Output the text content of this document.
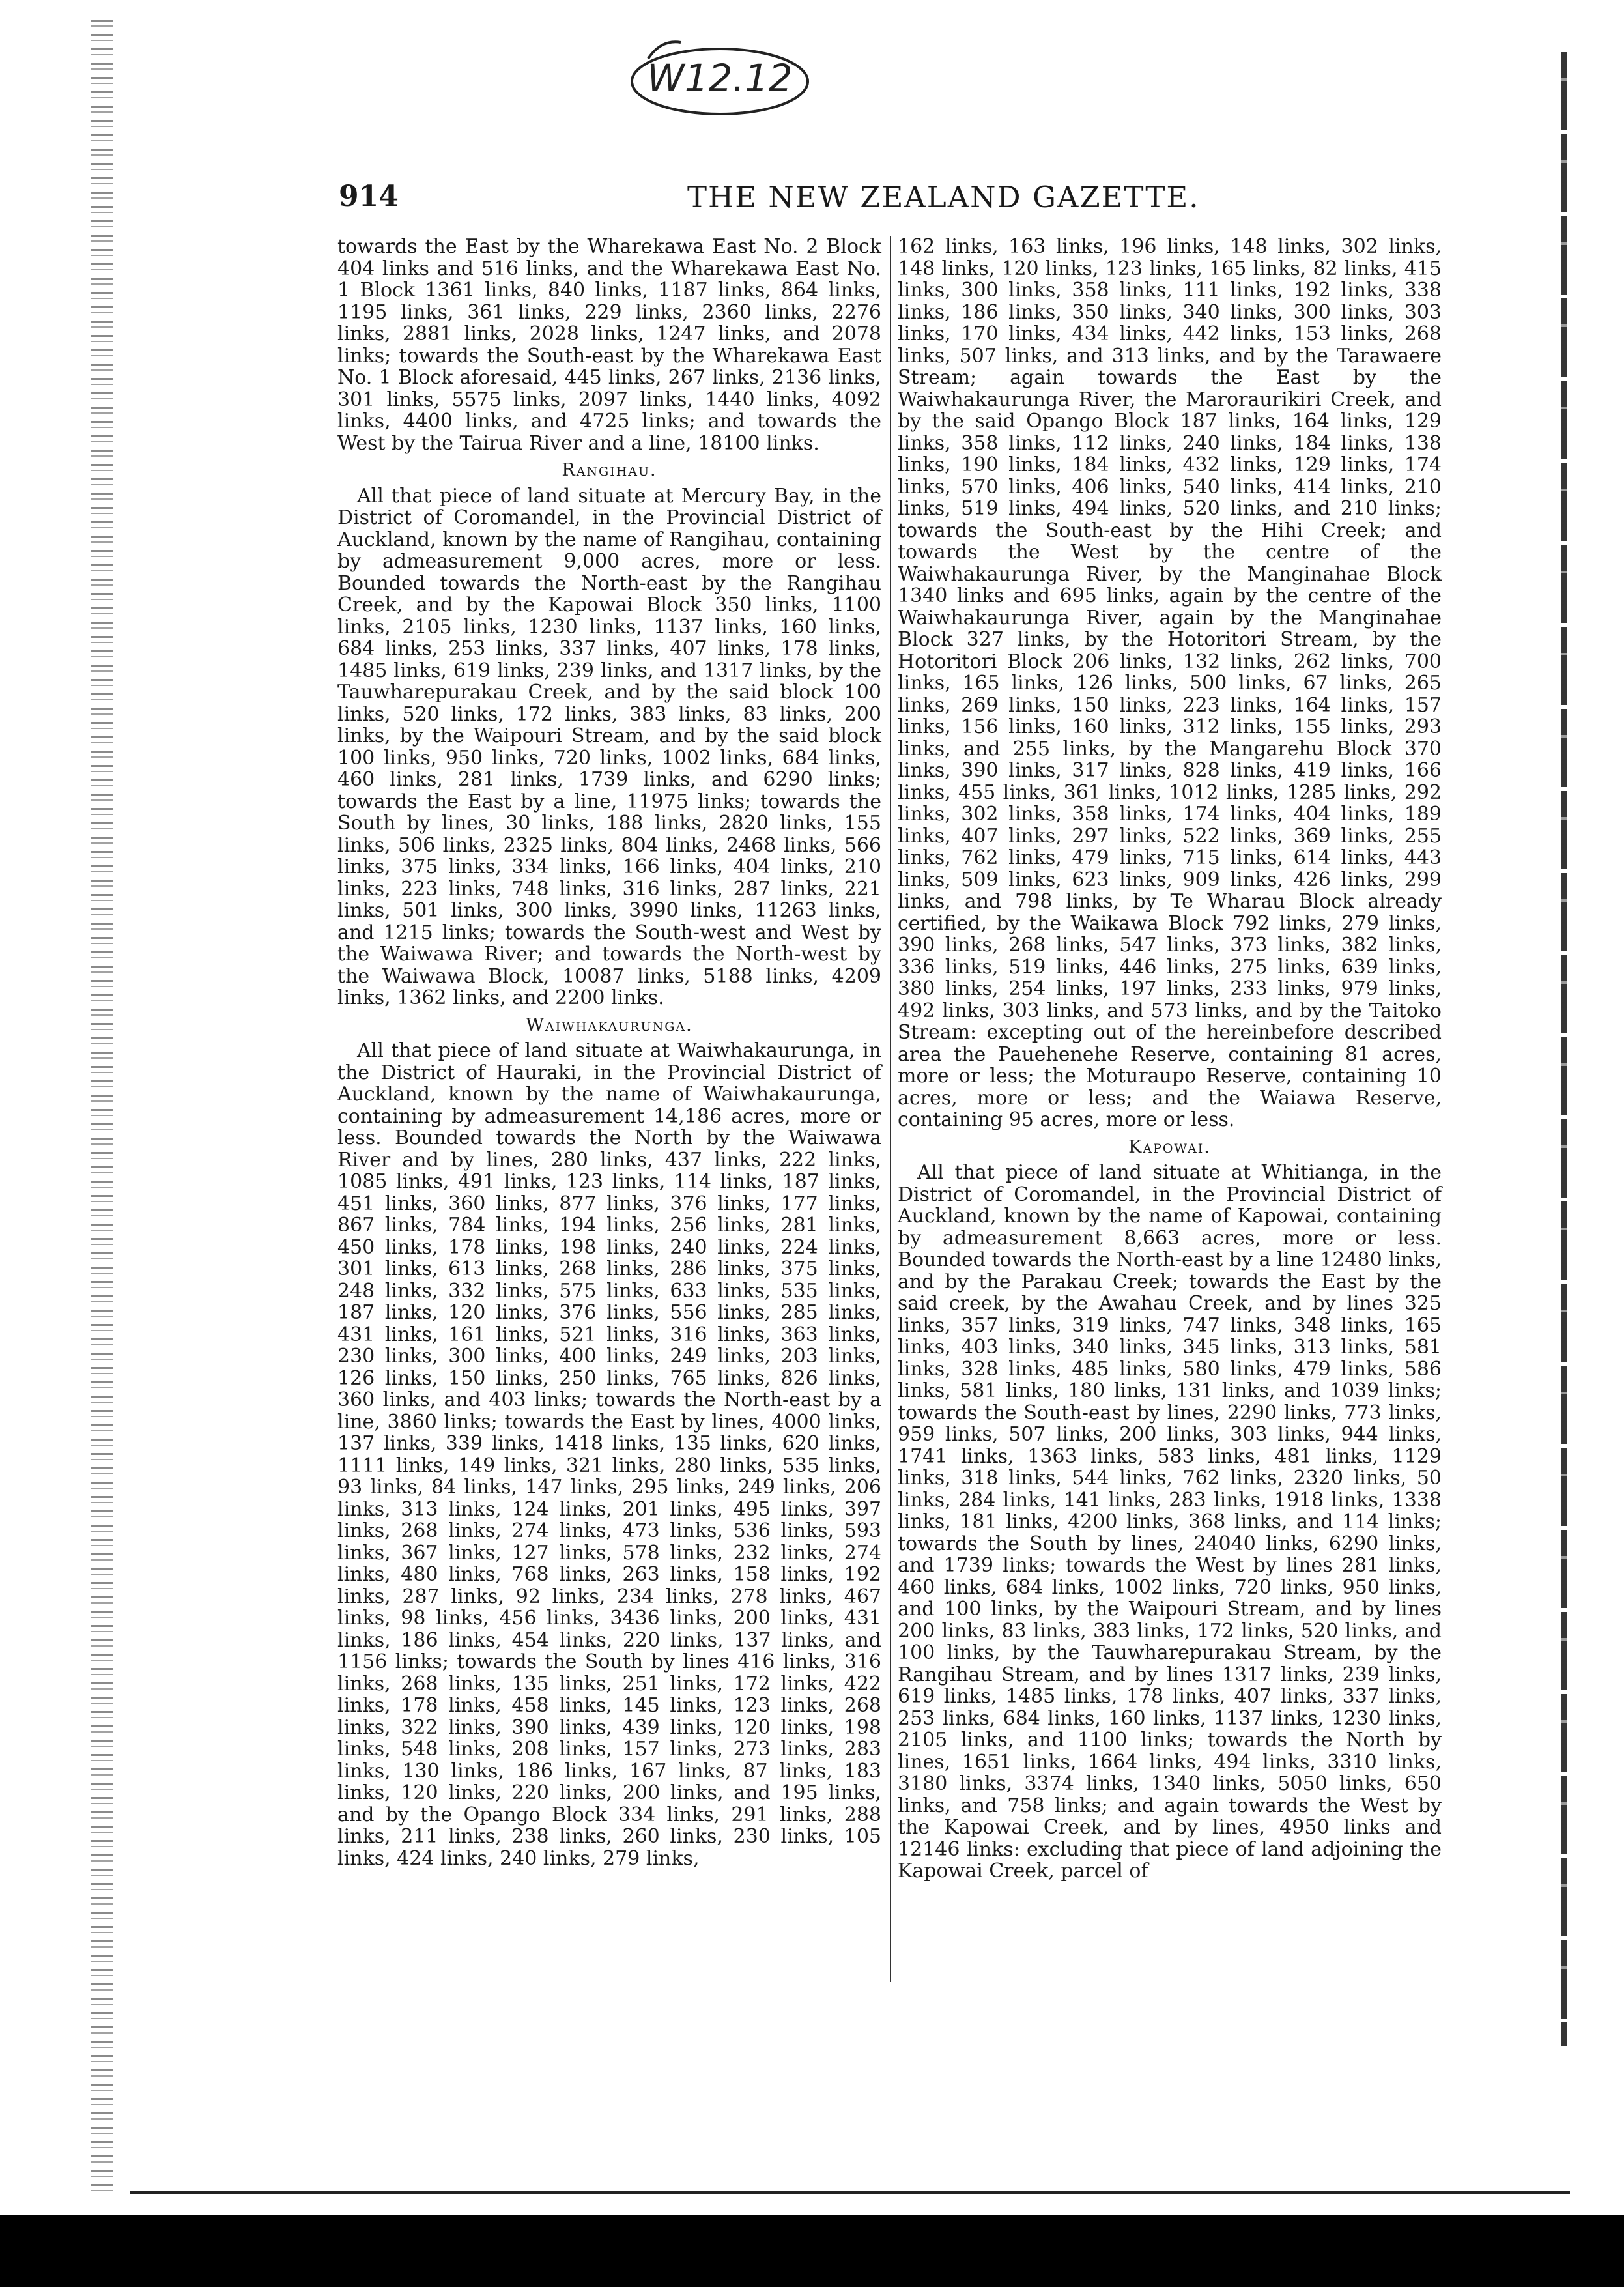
W12.12
914	THE NEW ZEALAND GAZETTE.

towards the East by the Wharekawa East No. 2 Block 404 links and 516 links, and the Wharekawa East No. 1 Block 1361 links, 840 links, 1187 links, 864 links, 1195 links, 361 links, 229 links, 2360 links, 2276 links, 2881 links, 2028 links, 1247 links, and 2078 links; towards the South-east by the Wharekawa East No. 1 Block aforesaid, 445 links, 267 links, 2136 links, 301 links, 5575 links, 2097 links, 1440 links, 4092 links, 4400 links, and 4725 links; and towards the West by the Tairua River and a line, 18100 links.

Rangihau.

All that piece of land situate at Mercury Bay, in the District of Coromandel, in the Provincial District of Auckland, known by the name of Rangihau, containing by admeasurement 9,000 acres, more or less. Bounded towards the North-east by the Rangihau Creek, and by the Kapowai Block 350 links, 1100 links, 2105 links, 1230 links, 1137 links, 160 links, 684 links, 253 links, 337 links, 407 links, 178 links, 1485 links, 619 links, 239 links, and 1317 links, by the Tauwharepurakau Creek, and by the said block 100 links, 520 links, 172 links, 383 links, 83 links, 200 links, by the Waipouri Stream, and by the said block 100 links, 950 links, 720 links, 1002 links, 684 links, 460 links, 281 links, 1739 links, and 6290 links; towards the East by a line, 11975 links; towards the South by lines, 30 links, 188 links, 2820 links, 155 links, 506 links, 2325 links, 804 links, 2468 links, 566 links, 375 links, 334 links, 166 links, 404 links, 210 links, 223 links, 748 links, 316 links, 287 links, 221 links, 501 links, 300 links, 3990 links, 11263 links, and 1215 links; towards the South-west and West by the Waiwawa River; and towards the North-west by the Waiwawa Block, 10087 links, 5188 links, 4209 links, 1362 links, and 2200 links.

Waiwhakaurunga.

All that piece of land situate at Waiwhakaurunga, in the District of Hauraki, in the Provincial District of Auckland, known by the name of Waiwhakaurunga, containing by admeasurement 14,186 acres, more or less. Bounded towards the North by the Waiwawa River and by lines, 280 links, 437 links, 222 links, 1085 links, 491 links, 123 links, 114 links, 187 links, 451 links, 360 links, 877 links, 376 links, 177 links, 867 links, 784 links, 194 links, 256 links, 281 links, 450 links, 178 links, 198 links, 240 links, 224 links, 301 links, 613 links, 268 links, 286 links, 375 links, 248 links, 332 links, 575 links, 633 links, 535 links, 187 links, 120 links, 376 links, 556 links, 285 links, 431 links, 161 links, 521 links, 316 links, 363 links, 230 links, 300 links, 400 links, 249 links, 203 links, 126 links, 150 links, 250 links, 765 links, 826 links, 360 links, and 403 links; towards the North-east by a line, 3860 links; towards the East by lines, 4000 links, 137 links, 339 links, 1418 links, 135 links, 620 links, 1111 links, 149 links, 321 links, 280 links, 535 links, 93 links, 84 links, 147 links, 295 links, 249 links, 206 links, 313 links, 124 links, 201 links, 495 links, 397 links, 268 links, 274 links, 473 links, 536 links, 593 links, 367 links, 127 links, 578 links, 232 links, 274 links, 480 links, 768 links, 263 links, 158 links, 192 links, 287 links, 92 links, 234 links, 278 links, 467 links, 98 links, 456 links, 3436 links, 200 links, 431 links, 186 links, 454 links, 220 links, 137 links, and 1156 links; towards the South by lines 416 links, 316 links, 268 links, 135 links, 251 links, 172 links, 422 links, 178 links, 458 links, 145 links, 123 links, 268 links, 322 links, 390 links, 439 links, 120 links, 198 links, 548 links, 208 links, 157 links, 273 links, 283 links, 130 links, 186 links, 167 links, 87 links, 183 links, 120 links, 220 links, 200 links, and 195 links, and by the Opango Block 334 links, 291 links, 288 links, 211 links, 238 links, 260 links, 230 links, 105 links, 424 links, 240 links, 279 links,

162 links, 163 links, 196 links, 148 links, 302 links, 148 links, 120 links, 123 links, 165 links, 82 links, 415 links, 300 links, 358 links, 111 links, 192 links, 338 links, 186 links, 350 links, 340 links, 300 links, 303 links, 170 links, 434 links, 442 links, 153 links, 268 links, 507 links, and 313 links, and by the Tarawaere Stream; again towards the East by the Waiwhakaurunga River, the Maroraurikiri Creek, and by the said Opango Block 187 links, 164 links, 129 links, 358 links, 112 links, 240 links, 184 links, 138 links, 190 links, 184 links, 432 links, 129 links, 174 links, 570 links, 406 links, 540 links, 414 links, 210 links, 519 links, 494 links, 520 links, and 210 links; towards the South-east by the Hihi Creek; and towards the West by the centre of the Waiwhakaurunga River, by the Manginahae Block 1340 links and 695 links, again by the centre of the Waiwhakaurunga River, again by the Manginahae Block 327 links, by the Hotoritori Stream, by the Hotoritori Block 206 links, 132 links, 262 links, 700 links, 165 links, 126 links, 500 links, 67 links, 265 links, 269 links, 150 links, 223 links, 164 links, 157 links, 156 links, 160 links, 312 links, 155 links, 293 links, and 255 links, by the Mangarehu Block 370 links, 390 links, 317 links, 828 links, 419 links, 166 links, 455 links, 361 links, 1012 links, 1285 links, 292 links, 302 links, 358 links, 174 links, 404 links, 189 links, 407 links, 297 links, 522 links, 369 links, 255 links, 762 links, 479 links, 715 links, 614 links, 443 links, 509 links, 623 links, 909 links, 426 links, 299 links, and 798 links, by Te Wharau Block already certified, by the Waikawa Block 792 links, 279 links, 390 links, 268 links, 547 links, 373 links, 382 links, 336 links, 519 links, 446 links, 275 links, 639 links, 380 links, 254 links, 197 links, 233 links, 979 links, 492 links, 303 links, and 573 links, and by the Taitoko Stream: excepting out of the hereinbefore described area the Pauehenehe Reserve, containing 81 acres, more or less; the Moturaupo Reserve, containing 10 acres, more or less; and the Waiawa Reserve, containing 95 acres, more or less.

Kapowai.

All that piece of land situate at Whitianga, in the District of Coromandel, in the Provincial District of Auckland, known by the name of Kapowai, containing by admeasurement 8,663 acres, more or less. Bounded towards the North-east by a line 12480 links, and by the Parakau Creek; towards the East by the said creek, by the Awahau Creek, and by lines 325 links, 357 links, 319 links, 747 links, 348 links, 165 links, 403 links, 340 links, 345 links, 313 links, 581 links, 328 links, 485 links, 580 links, 479 links, 586 links, 581 links, 180 links, 131 links, and 1039 links; towards the South-east by lines, 2290 links, 773 links, 959 links, 507 links, 200 links, 303 links, 944 links, 1741 links, 1363 links, 583 links, 481 links, 1129 links, 318 links, 544 links, 762 links, 2320 links, 50 links, 284 links, 141 links, 283 links, 1918 links, 1338 links, 181 links, 4200 links, 368 links, and 114 links; towards the South by lines, 24040 links, 6290 links, and 1739 links; towards the West by lines 281 links, 460 links, 684 links, 1002 links, 720 links, 950 links, and 100 links, by the Waipouri Stream, and by lines 200 links, 83 links, 383 links, 172 links, 520 links, and 100 links, by the Tauwharepurakau Stream, by the Rangihau Stream, and by lines 1317 links, 239 links, 619 links, 1485 links, 178 links, 407 links, 337 links, 253 links, 684 links, 160 links, 1137 links, 1230 links, 2105 links, and 1100 links; towards the North by lines, 1651 links, 1664 links, 494 links, 3310 links, 3180 links, 3374 links, 1340 links, 5050 links, 650 links, and 758 links; and again towards the West by the Kapowai Creek, and by lines, 4950 links and 12146 links: excluding that piece of land adjoining the Kapowai Creek, parcel of
